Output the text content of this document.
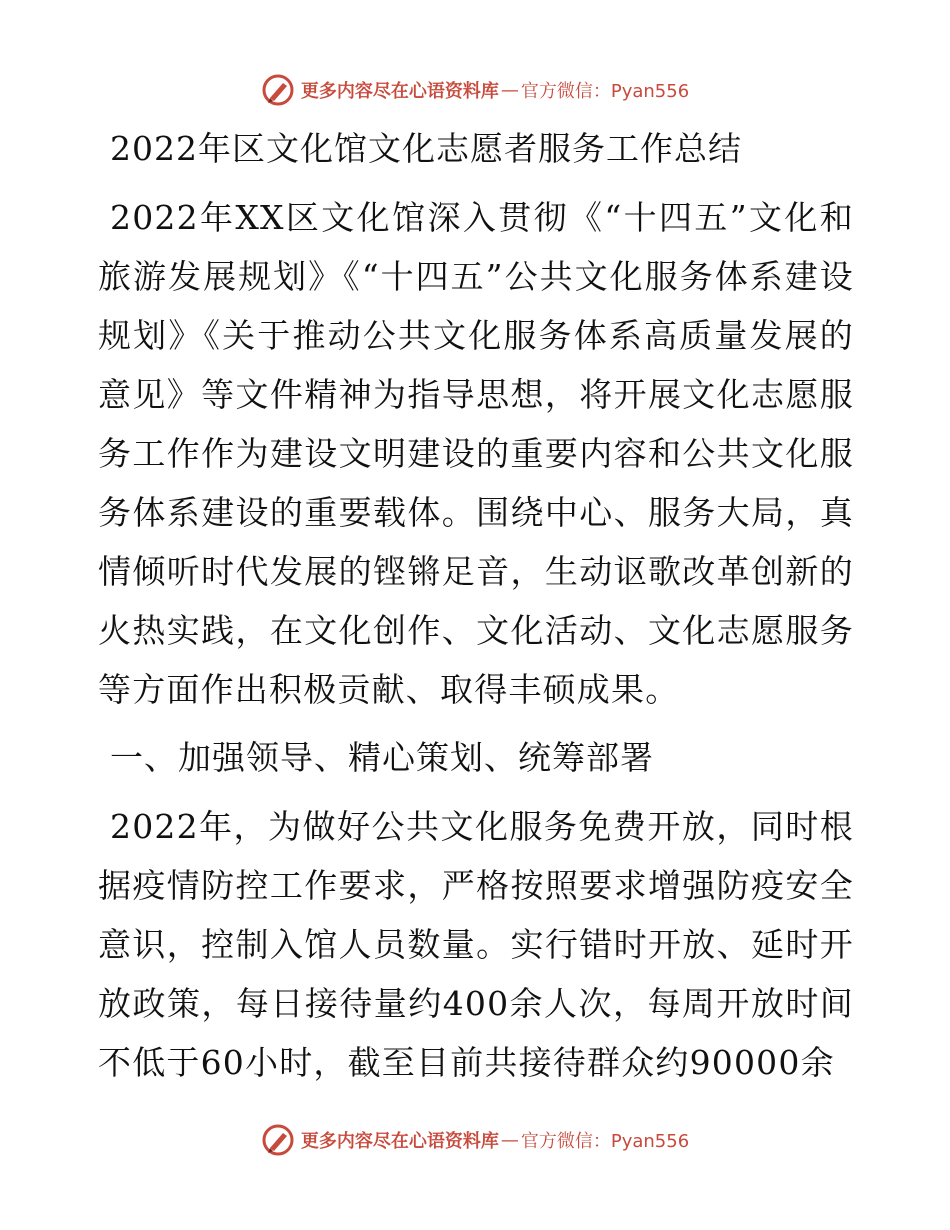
更多内容尽在心语资料库 — 官方微信：Pyan556
2022年区文化馆文化志愿者服务工作总结

2022年XX区文化馆深入贯彻《“十四五”文化和旅游发展规划》《“十四五”公共文化服务体系建设规划》《关于推动公共文化服务体系高质量发展的意见》等文件精神为指导思想，将开展文化志愿服务工作作为建设文明建设的重要内容和公共文化服务体系建设的重要载体。围绕中心、服务大局，真情倾听时代发展的铿锵足音，生动讴歌改革创新的火热实践，在文化创作、文化活动、文化志愿服务等方面作出积极贡献、取得丰硕成果。

一、加强领导、精心策划、统筹部署

2022年，为做好公共文化服务免费开放，同时根据疫情防控工作要求，严格按照要求增强防疫安全意识，控制入馆人员数量。实行错时开放、延时开放政策，每日接待量约400余人次，每周开放时间不低于60小时，截至目前共接待群众约90000余

更多内容尽在心语资料库 — 官方微信：Pyan556
